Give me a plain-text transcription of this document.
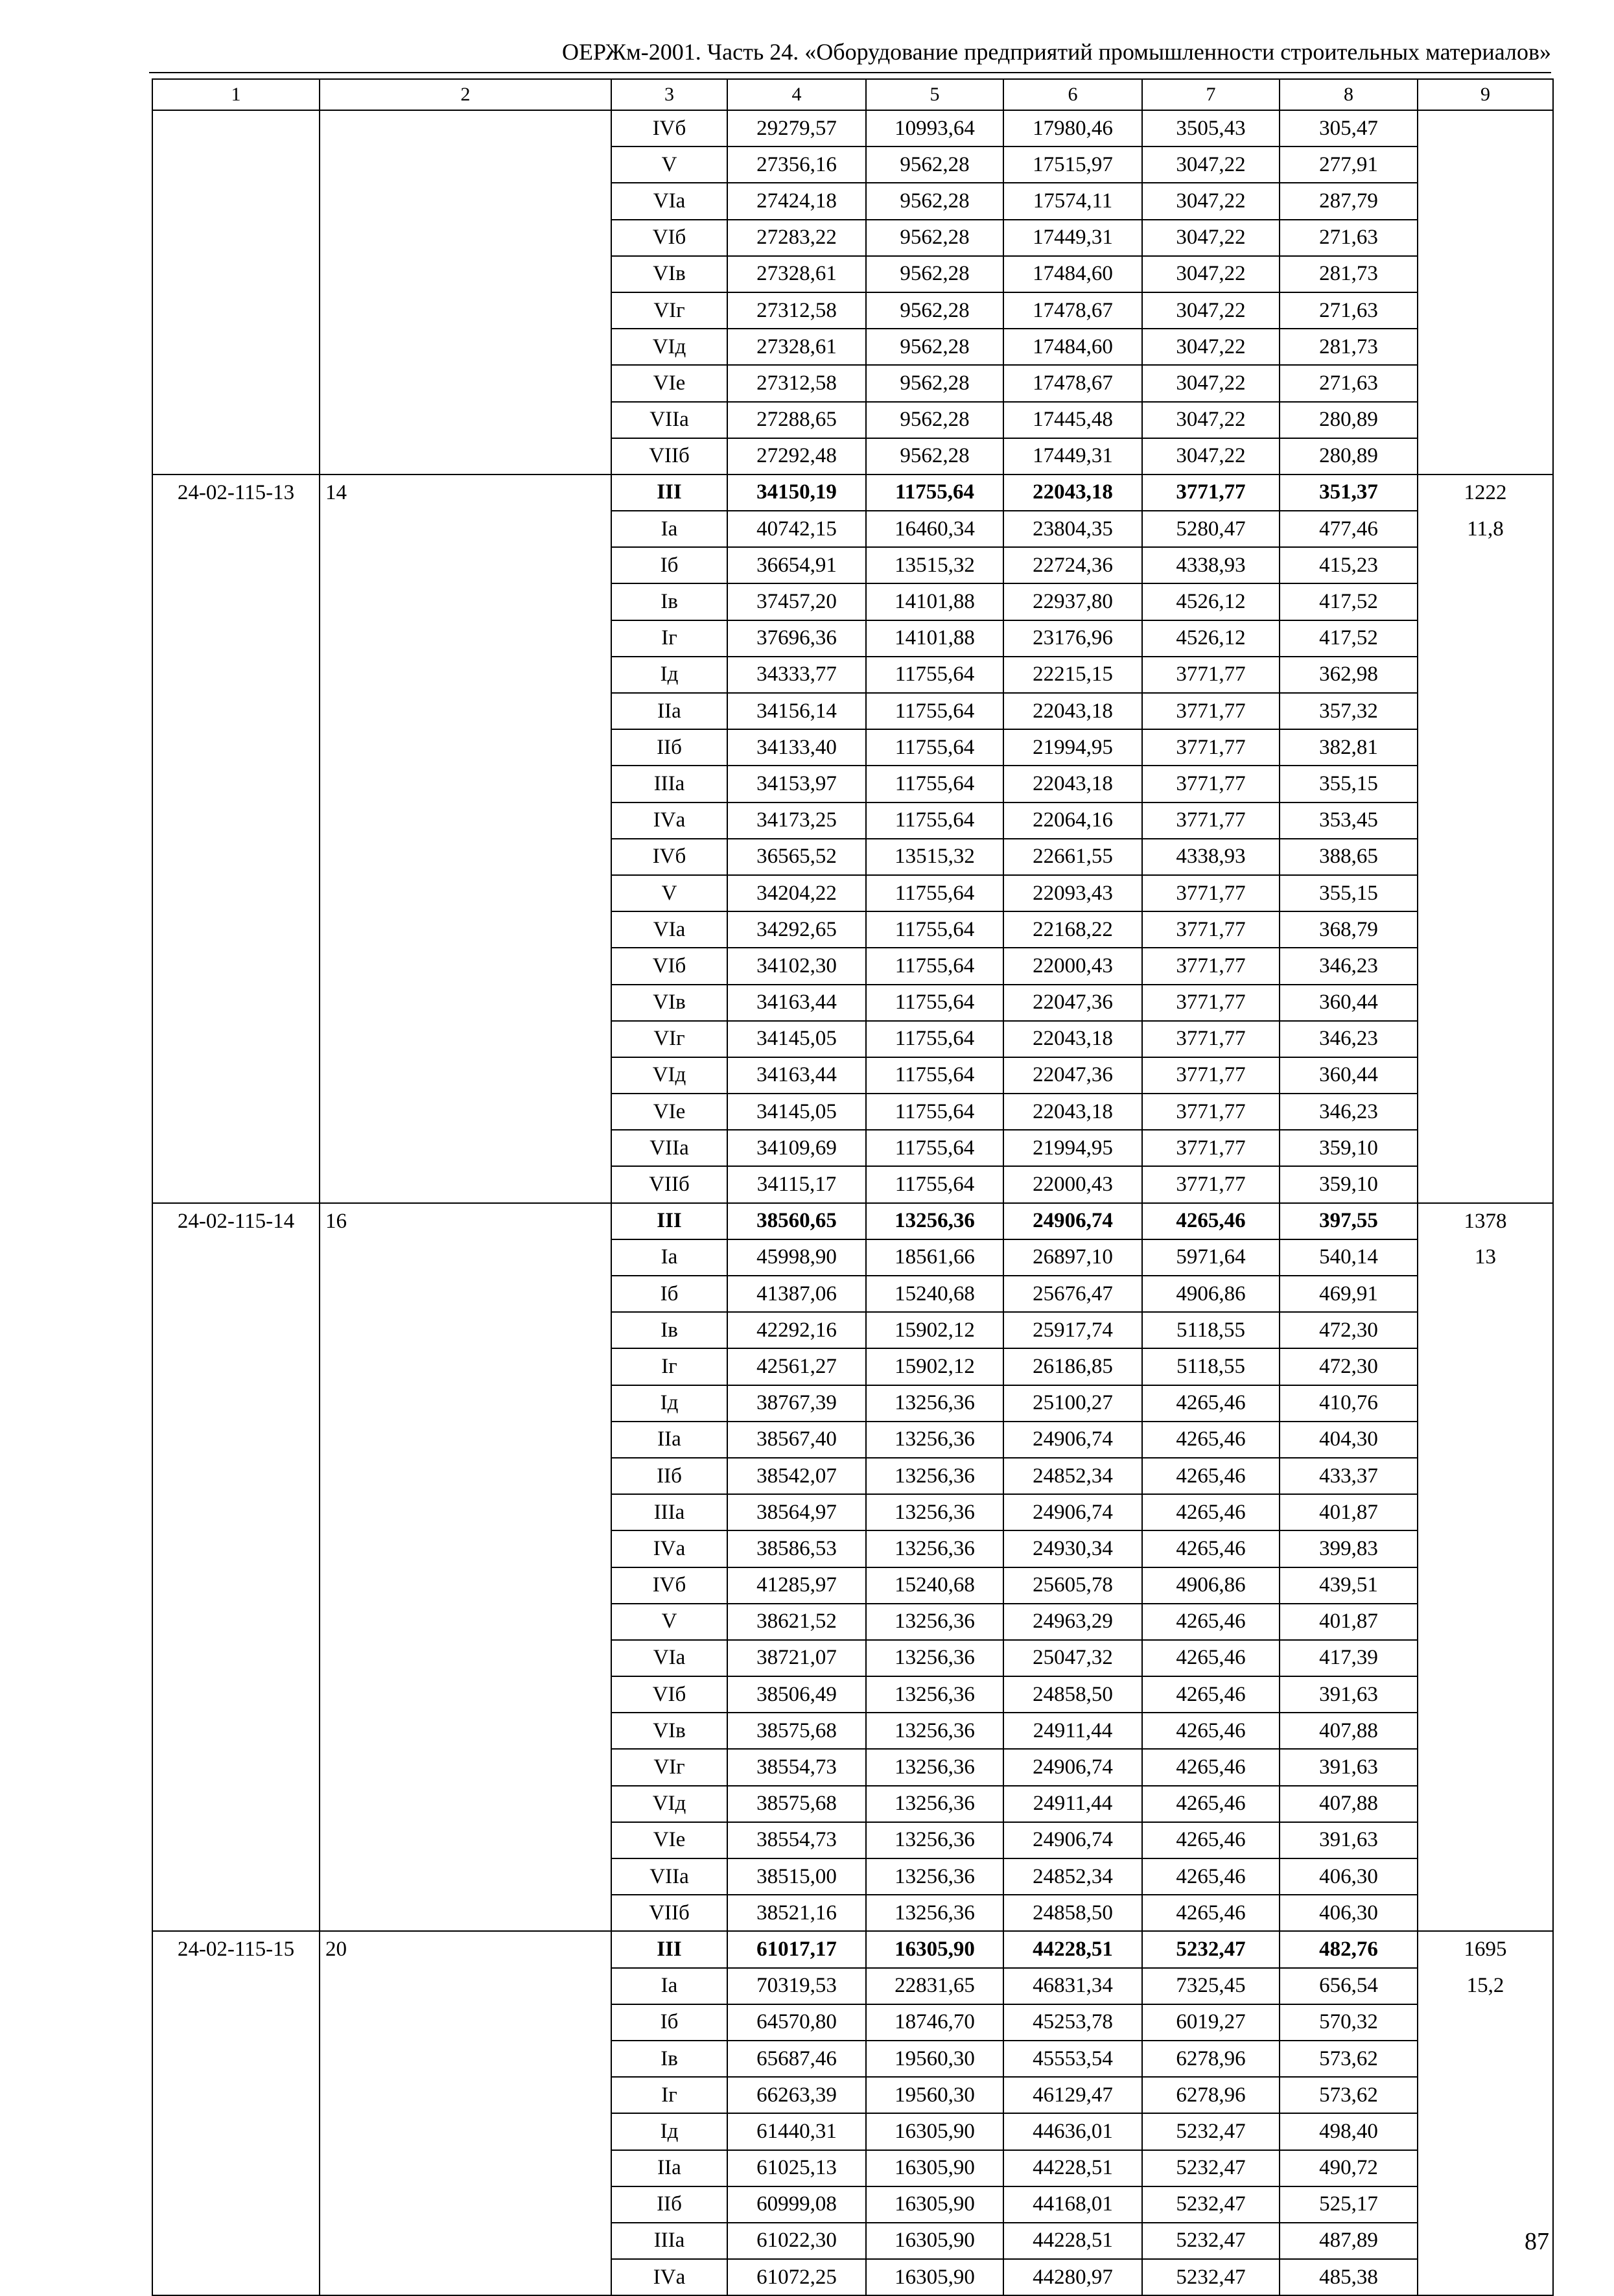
ОЕРЖм-2001. Часть 24. «Оборудование предприятий промышленности строительных материалов»
1	2	3	4	5	6	7	8	9
		IVб	29279,57	10993,64	17980,46	3505,43	305,47	
		V	27356,16	9562,28	17515,97	3047,22	277,91	
		VIа	27424,18	9562,28	17574,11	3047,22	287,79	
		VIб	27283,22	9562,28	17449,31	3047,22	271,63	
		VIв	27328,61	9562,28	17484,60	3047,22	281,73	
		VIг	27312,58	9562,28	17478,67	3047,22	271,63	
		VIд	27328,61	9562,28	17484,60	3047,22	281,73	
		VIе	27312,58	9562,28	17478,67	3047,22	271,63	
		VIIа	27288,65	9562,28	17445,48	3047,22	280,89	
		VIIб	27292,48	9562,28	17449,31	3047,22	280,89	
24-02-115-13	14	III	34150,19	11755,64	22043,18	3771,77	351,37	1222
		Iа	40742,15	16460,34	23804,35	5280,47	477,46	11,8
		Iб	36654,91	13515,32	22724,36	4338,93	415,23	
		Iв	37457,20	14101,88	22937,80	4526,12	417,52	
		Iг	37696,36	14101,88	23176,96	4526,12	417,52	
		Iд	34333,77	11755,64	22215,15	3771,77	362,98	
		IIа	34156,14	11755,64	22043,18	3771,77	357,32	
		IIб	34133,40	11755,64	21994,95	3771,77	382,81	
		IIIа	34153,97	11755,64	22043,18	3771,77	355,15	
		IVа	34173,25	11755,64	22064,16	3771,77	353,45	
		IVб	36565,52	13515,32	22661,55	4338,93	388,65	
		V	34204,22	11755,64	22093,43	3771,77	355,15	
		VIа	34292,65	11755,64	22168,22	3771,77	368,79	
		VIб	34102,30	11755,64	22000,43	3771,77	346,23	
		VIв	34163,44	11755,64	22047,36	3771,77	360,44	
		VIг	34145,05	11755,64	22043,18	3771,77	346,23	
		VIд	34163,44	11755,64	22047,36	3771,77	360,44	
		VIе	34145,05	11755,64	22043,18	3771,77	346,23	
		VIIа	34109,69	11755,64	21994,95	3771,77	359,10	
		VIIб	34115,17	11755,64	22000,43	3771,77	359,10	
24-02-115-14	16	III	38560,65	13256,36	24906,74	4265,46	397,55	1378
		Iа	45998,90	18561,66	26897,10	5971,64	540,14	13
		Iб	41387,06	15240,68	25676,47	4906,86	469,91	
		Iв	42292,16	15902,12	25917,74	5118,55	472,30	
		Iг	42561,27	15902,12	26186,85	5118,55	472,30	
		Iд	38767,39	13256,36	25100,27	4265,46	410,76	
		IIа	38567,40	13256,36	24906,74	4265,46	404,30	
		IIб	38542,07	13256,36	24852,34	4265,46	433,37	
		IIIа	38564,97	13256,36	24906,74	4265,46	401,87	
		IVа	38586,53	13256,36	24930,34	4265,46	399,83	
		IVб	41285,97	15240,68	25605,78	4906,86	439,51	
		V	38621,52	13256,36	24963,29	4265,46	401,87	
		VIа	38721,07	13256,36	25047,32	4265,46	417,39	
		VIб	38506,49	13256,36	24858,50	4265,46	391,63	
		VIв	38575,68	13256,36	24911,44	4265,46	407,88	
		VIг	38554,73	13256,36	24906,74	4265,46	391,63	
		VIд	38575,68	13256,36	24911,44	4265,46	407,88	
		VIе	38554,73	13256,36	24906,74	4265,46	391,63	
		VIIа	38515,00	13256,36	24852,34	4265,46	406,30	
		VIIб	38521,16	13256,36	24858,50	4265,46	406,30	
24-02-115-15	20	III	61017,17	16305,90	44228,51	5232,47	482,76	1695
		Iа	70319,53	22831,65	46831,34	7325,45	656,54	15,2
		Iб	64570,80	18746,70	45253,78	6019,27	570,32	
		Iв	65687,46	19560,30	45553,54	6278,96	573,62	
		Iг	66263,39	19560,30	46129,47	6278,96	573,62	
		Iд	61440,31	16305,90	44636,01	5232,47	498,40	
		IIа	61025,13	16305,90	44228,51	5232,47	490,72	
		IIб	60999,08	16305,90	44168,01	5232,47	525,17	
		IIIа	61022,30	16305,90	44228,51	5232,47	487,89	
		IVа	61072,25	16305,90	44280,97	5232,47	485,38	
87
